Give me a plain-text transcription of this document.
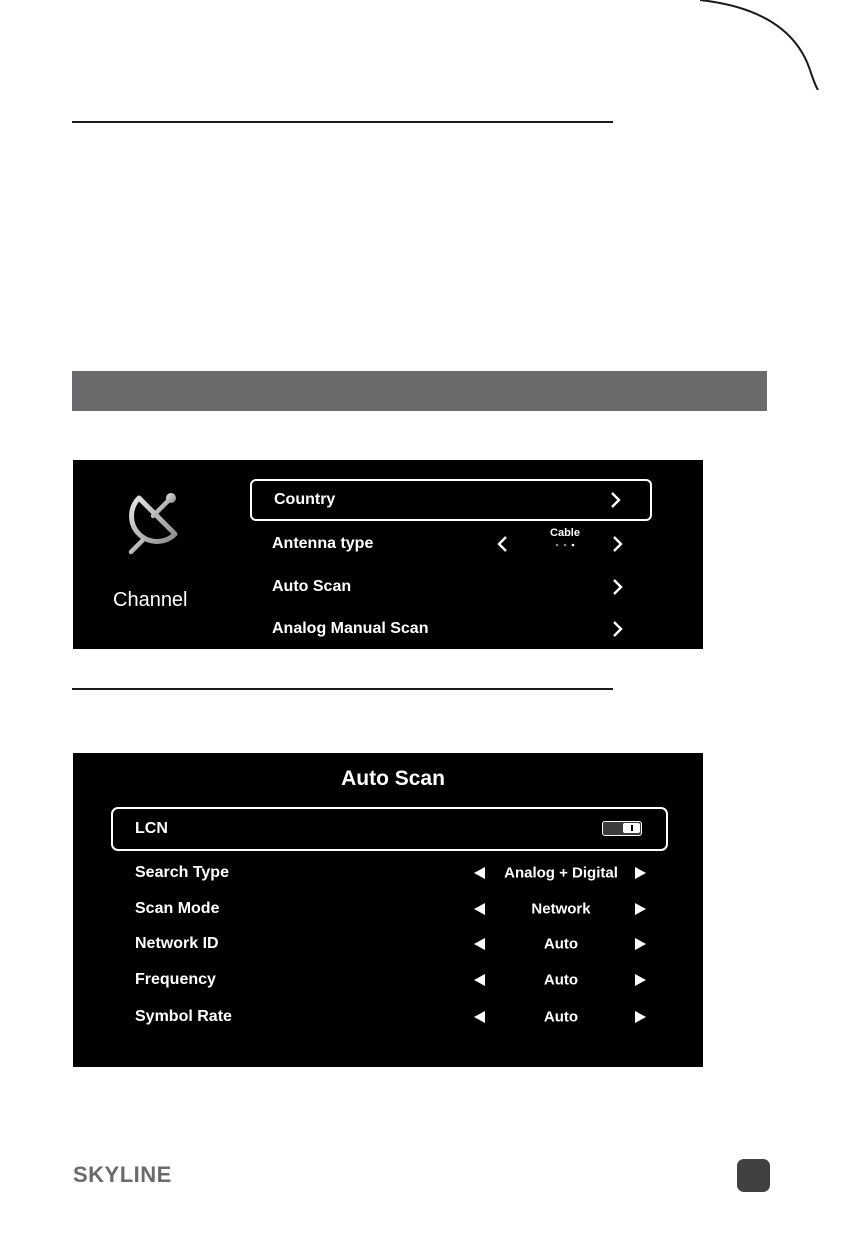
Channel
Country
Antenna type
Cable
Auto Scan
Analog Manual Scan
Auto Scan
LCN
Search Type	Analog + Digital
Scan Mode	Network
Network ID	Auto
Frequency	Auto
Symbol Rate	Auto
SKYLINE
